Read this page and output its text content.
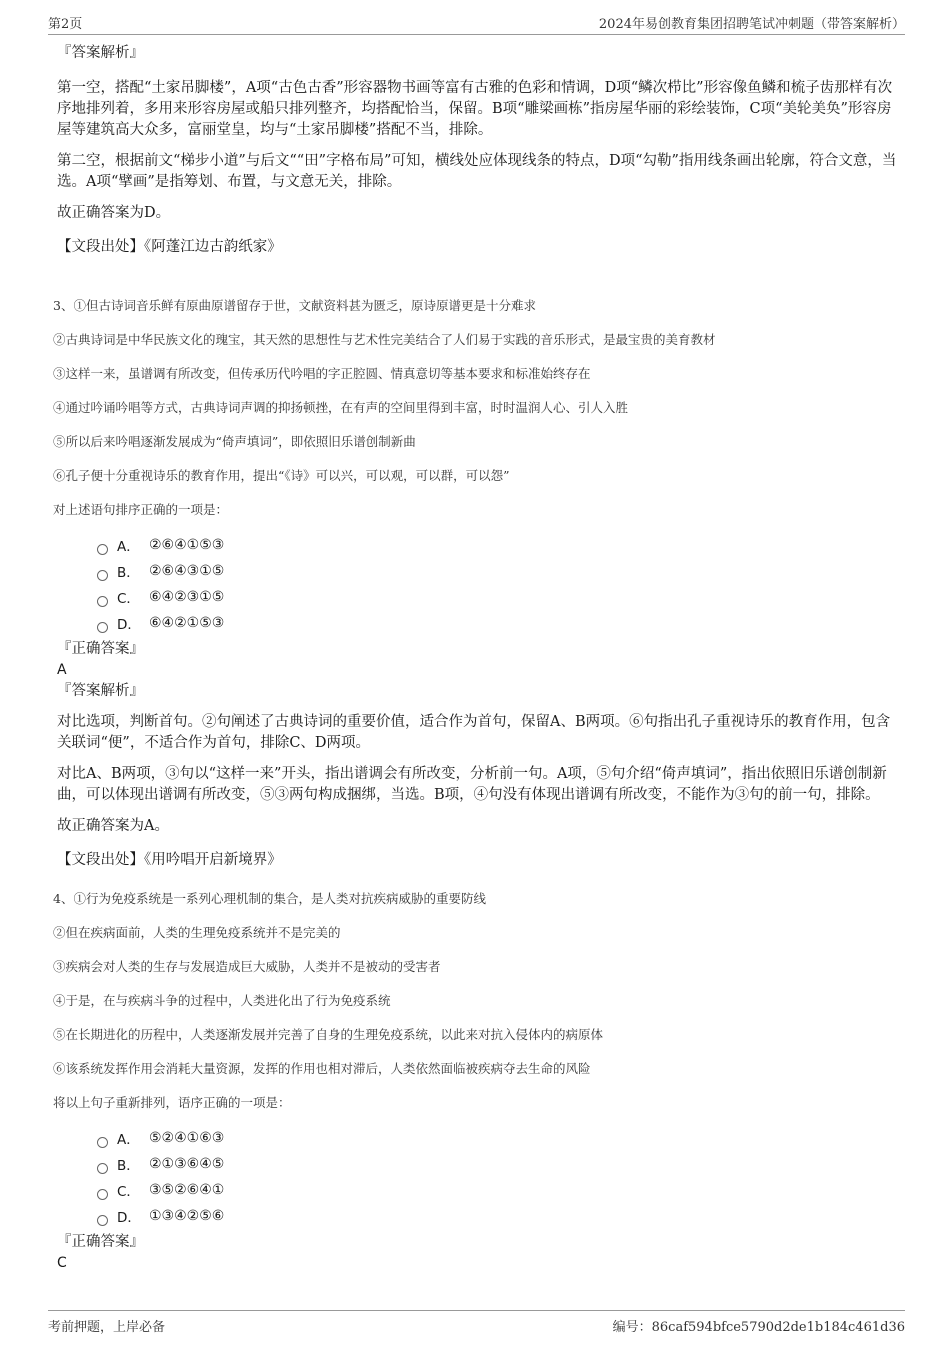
第2页	2024年易创教育集团招聘笔试冲刺题（带答案解析）
『答案解析』

第一空，搭配“土家吊脚楼”，A项“古色古香”形容器物书画等富有古雅的色彩和情调，D项“鳞次栉比”形容像鱼鳞和梳子齿那样有次序地排列着，多用来形容房屋或船只排列整齐，均搭配恰当，保留。B项“雕梁画栋”指房屋华丽的彩绘装饰，C项“美轮美奂”形容房屋等建筑高大众多，富丽堂皇，均与“土家吊脚楼”搭配不当，排除。

第二空，根据前文“梯步小道”与后文““田”字格布局”可知，横线处应体现线条的特点，D项“勾勒”指用线条画出轮廓，符合文意，当选。A项“擘画”是指筹划、布置，与文意无关，排除。

故正确答案为D。

【文段出处】《阿蓬江边古韵纸家》
3、①但古诗词音乐鲜有原曲原谱留存于世，文献资料甚为匮乏，原诗原谱更是十分难求
②古典诗词是中华民族文化的瑰宝，其天然的思想性与艺术性完美结合了人们易于实践的音乐形式，是最宝贵的美育教材
③这样一来，虽谱调有所改变，但传承历代吟唱的字正腔圆、情真意切等基本要求和标准始终存在
④通过吟诵吟唱等方式，古典诗词声调的抑扬顿挫，在有声的空间里得到丰富，时时温润人心、引人入胜
⑤所以后来吟唱逐渐发展成为“倚声填词”，即依照旧乐谱创制新曲
⑥孔子便十分重视诗乐的教育作用，提出“《诗》可以兴，可以观，可以群，可以怨”
对上述语句排序正确的一项是：
A． ②⑥④①⑤③
B． ②⑥④③①⑤
C． ⑥④②③①⑤
D． ⑥④②①⑤③
『正确答案』
A
『答案解析』

对比选项，判断首句。②句阐述了古典诗词的重要价值，适合作为首句，保留A、B两项。⑥句指出孔子重视诗乐的教育作用，包含关联词“便”，不适合作为首句，排除C、D两项。

对比A、B两项，③句以“这样一来”开头，指出谱调会有所改变，分析前一句。A项，⑤句介绍“倚声填词”，指出依照旧乐谱创制新曲，可以体现出谱调有所改变，⑤③两句构成捆绑，当选。B项，④句没有体现出谱调有所改变，不能作为③句的前一句，排除。

故正确答案为A。

【文段出处】《用吟唱开启新境界》
4、①行为免疫系统是一系列心理机制的集合，是人类对抗疾病威胁的重要防线
②但在疾病面前，人类的生理免疫系统并不是完美的
③疾病会对人类的生存与发展造成巨大威胁，人类并不是被动的受害者
④于是，在与疾病斗争的过程中，人类进化出了行为免疫系统
⑤在长期进化的历程中，人类逐渐发展并完善了自身的生理免疫系统，以此来对抗入侵体内的病原体
⑥该系统发挥作用会消耗大量资源，发挥的作用也相对滞后，人类依然面临被疾病夺去生命的风险
将以上句子重新排列，语序正确的一项是：
A． ⑤②④①⑥③
B． ②①③⑥④⑤
C． ③⑤②⑥④①
D． ①③④②⑤⑥
『正确答案』
C
考前押题，上岸必备	编号：86caf594bfce5790d2de1b184c461d36
